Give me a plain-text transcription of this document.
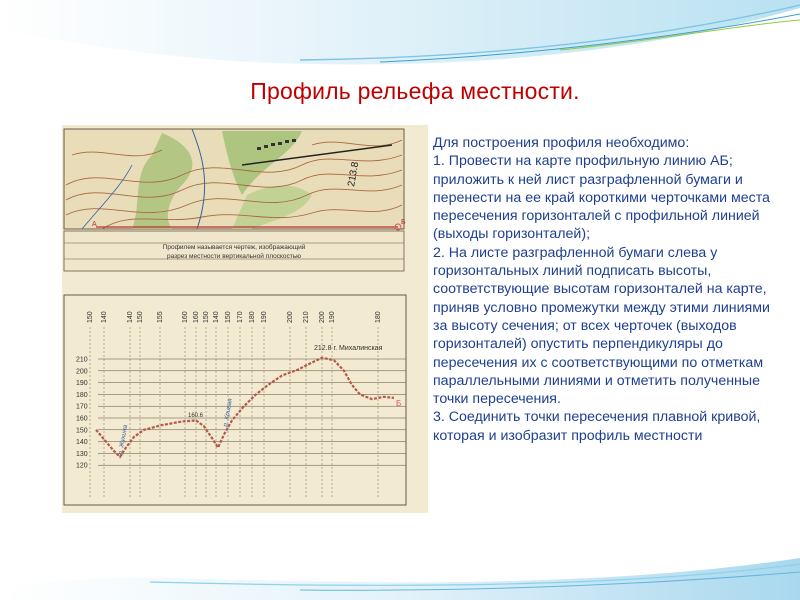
Профиль рельефа местности.
А	Б
213.8
Профилем называется чертеж, изображающий
разрез местности вертикальной плоскостью
210
200
190
180
170
160
150
140
130
120
150 140	140 150 155	160 160 150 140 150 170 180 190	200 210 200 190	180
212.8 г. Михалинская
160.6
р. Жукина
р. Кривая	Б

Для построения профиля необходимо:

1. Провести на карте профильную линию АБ; приложить к ней лист разграфленной бумаги и перенести на ее край короткими черточками места пересечения горизонталей с профильной линией (выходы горизонталей);

2. На листе разграфленной бумаги слева у горизонтальных линий подписать высоты, соответствующие высотам горизонталей на карте, приняв условно промежутки между этими линиями за высоту сечения; от всех черточек (выходов горизонталей) опустить перпендикуляры до пересечения их с соответствующими по отметкам параллельными линиями и отметить полученные точки пересечения.

3. Соединить точки пересечения плавной кривой, которая и изобразит профиль местности
